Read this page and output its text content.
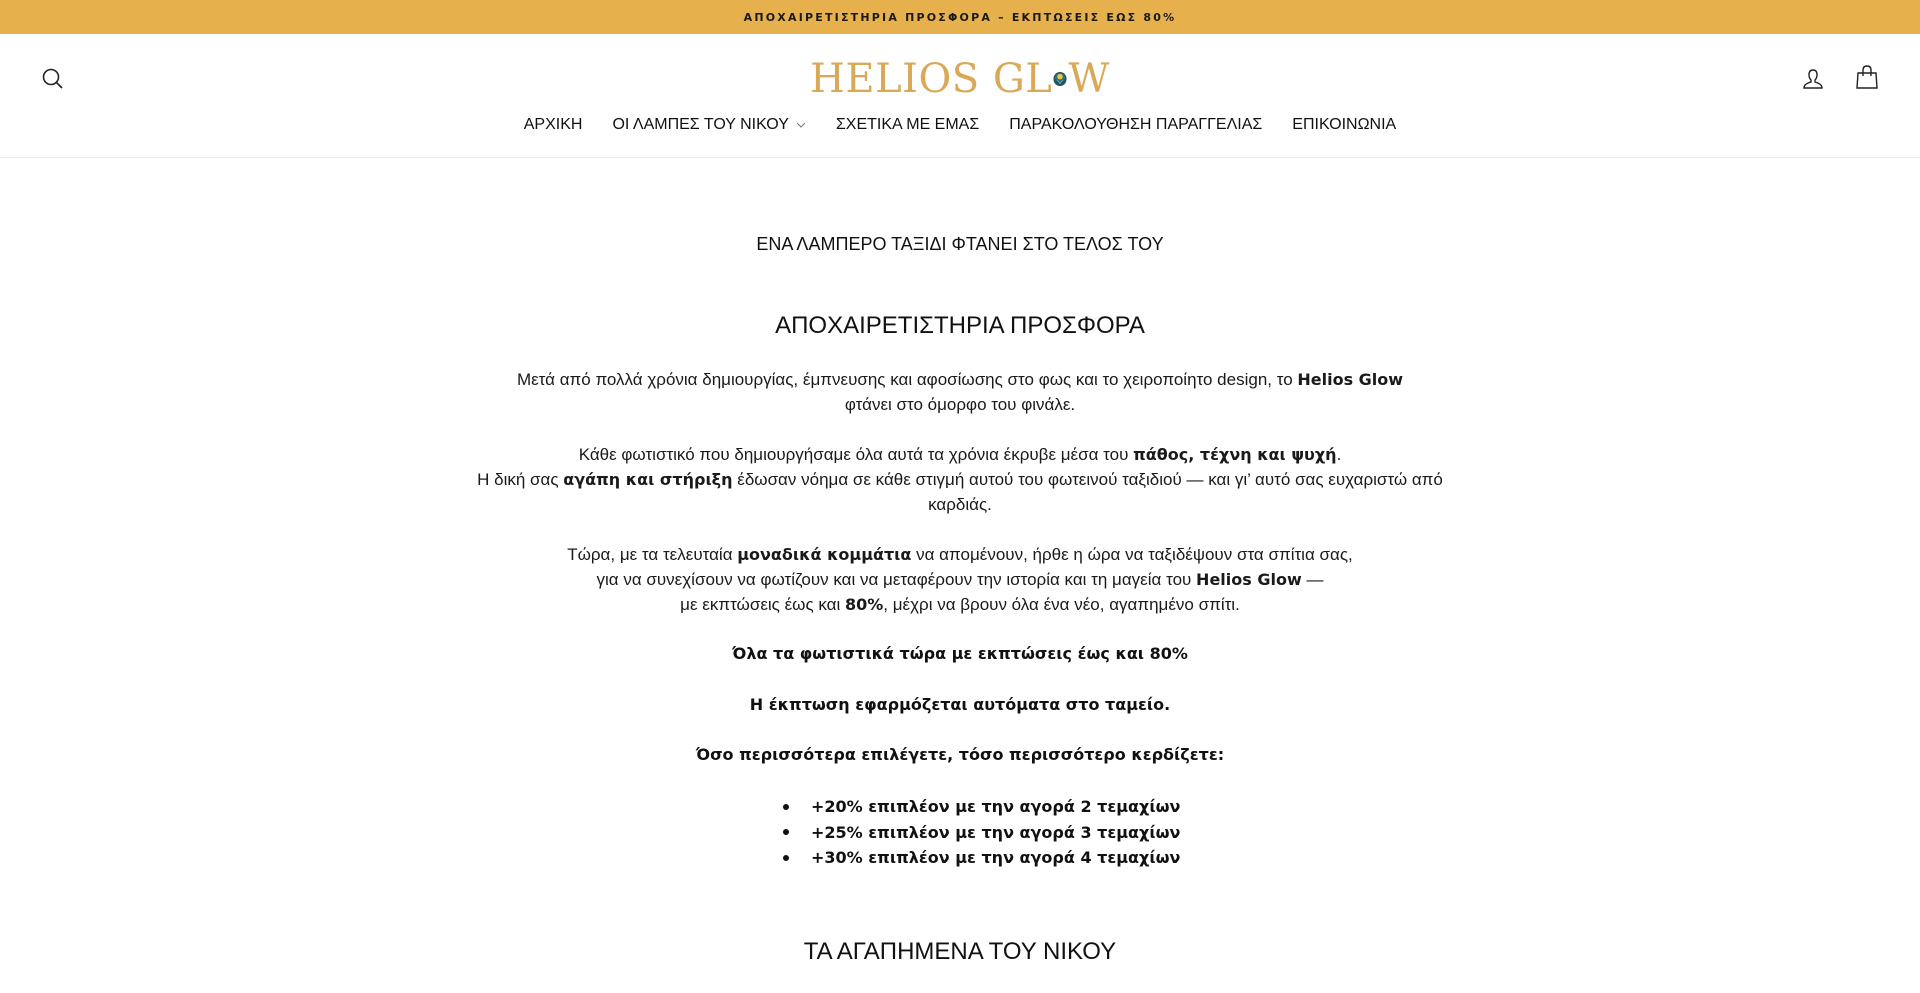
ΑΠΟΧΑΙΡΕΤΙΣΤΗΡΙΑ ΠΡΟΣΦΟΡΑ – ΕΚΠΤΩΣΕΙΣ ΕΩΣ 80%
HELIOS GL W
ΑΡΧΙΚΗ ΟΙ ΛΑΜΠΕΣ ΤΟΥ ΝΙΚΟΥ	ΣΧΕΤΙΚΑ ΜΕ ΕΜΑΣ ΠΑΡΑΚΟΛΟΥΘΗΣΗ ΠΑΡΑΓΓΕΛΙΑΣ ΕΠΙΚΟΙΝΩΝΙΑ
ΕΝΑ ΛΑΜΠΕΡΟ ΤΑΞΙΔΙ ΦΤΑΝΕΙ ΣΤΟ ΤΕΛΟΣ ΤΟΥ
ΑΠΟΧΑΙΡΕΤΙΣΤΗΡΙΑ ΠΡΟΣΦΟΡΑ

Μετά από πολλά χρόνια δημιουργίας, έμπνευσης και αφοσίωσης στο φως και το χειροποίητο design, το Helios Glow
φτάνει στο όμορφο του φινάλε.

Κάθε φωτιστικό που δημιουργήσαμε όλα αυτά τα χρόνια έκρυβε μέσα του πάθος, τέχνη και ψυχή.
Η δική σας αγάπη και στήριξη έδωσαν νόημα σε κάθε στιγμή αυτού του φωτεινού ταξιδιού — και γι’ αυτό σας ευχαριστώ από καρδιάς.

Τώρα, με τα τελευταία μοναδικά κομμάτια να απομένουν, ήρθε η ώρα να ταξιδέψουν στα σπίτια σας,
για να συνεχίσουν να φωτίζουν και να μεταφέρουν την ιστορία και τη μαγεία του Helios Glow —
με εκπτώσεις έως και 80%, μέχρι να βρουν όλα ένα νέο, αγαπημένο σπίτι.

Όλα τα φωτιστικά τώρα με εκπτώσεις έως και 80%
Η έκπτωση εφαρμόζεται αυτόματα στο ταμείο.
Όσο περισσότερα επιλέγετε, τόσο περισσότερο κερδίζετε:
+20% επιπλέον με την αγορά 2 τεμαχίων
+25% επιπλέον με την αγορά 3 τεμαχίων
+30% επιπλέον με την αγορά 4 τεμαχίων
ΤΑ ΑΓΑΠΗΜΕΝΑ ΤΟΥ ΝΙΚΟΥ
